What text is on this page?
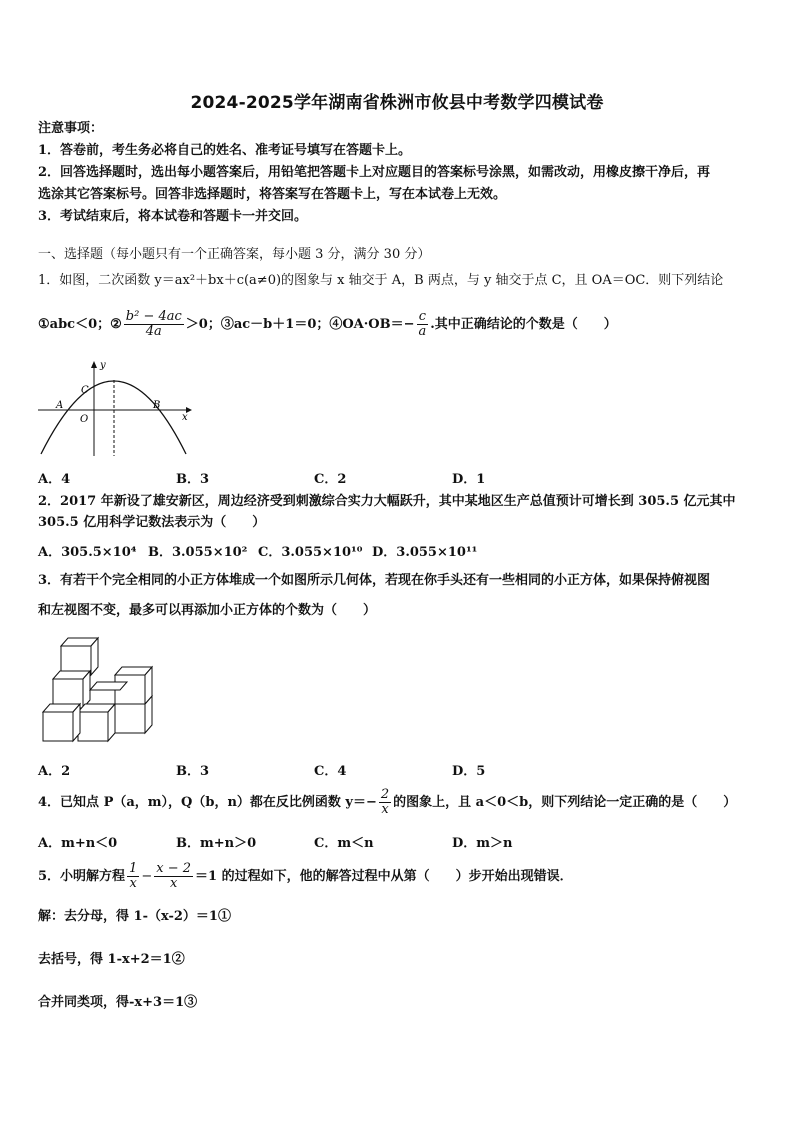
2024-2025学年湖南省株洲市攸县中考数学四模试卷
注意事项：
1．答卷前，考生务必将自己的姓名、准考证号填写在答题卡上。
2．回答选择题时，选出每小题答案后，用铅笔把答题卡上对应题目的答案标号涂黑，如需改动，用橡皮擦干净后，再
选涂其它答案标号。回答非选择题时，将答案写在答题卡上，写在本试卷上无效。
3．考试结束后，将本试卷和答题卡一并交回。
一、选择题（每小题只有一个正确答案，每小题 3 分，满分 30 分）
1．如图，二次函数 y＝ax²＋bx＋c(a≠0)的图象与 x 轴交于 A，B 两点，与 y 轴交于点 C，且 OA＝OC．则下列结论
①abc＜0；② $\frac{\text{b² − 4ac}}{4a} >0$；③ac－b＋1＝0；④OA·OB＝− $\frac{c}{a}$ .其中正确结论的个数是（　　）
y
x
C
A	B
O
A．4	B．3	C．2	D．1
2．2017 年新设了雄安新区，周边经济受到刺激综合实力大幅跃升，其中某地区生产总值预计可增长到 305.5 亿元其中
305.5 亿用科学记数法表示为（　　）
A．305.5×10⁴ B．3.055×10² C．3.055×10¹⁰ D．3.055×10¹¹
3．有若干个完全相同的小正方体堆成一个如图所示几何体，若现在你手头还有一些相同的小正方体，如果保持俯视图
和左视图不变，最多可以再添加小正方体的个数为（　　）
A．2	B．3	C．4	D．5
4．已知点 P（a，m），Q（b，n）都在反比例函数 $y=- \frac{2}{x}$ 的图象上，且 a＜0＜b，则下列结论一定正确的是（　　）
A．m+n＜0	B．m+n＞0	C．m＜n	D．m＞n
5．小明解方程 $\frac{1}{x} - \frac{x - 2}{x} =1$ 的过程如下，他的解答过程中从第（　　）步开始出现错误．
解：去分母，得 1-（x-2）＝1①
去括号，得 1-x+2＝1②
合并同类项，得-x+3＝1③
